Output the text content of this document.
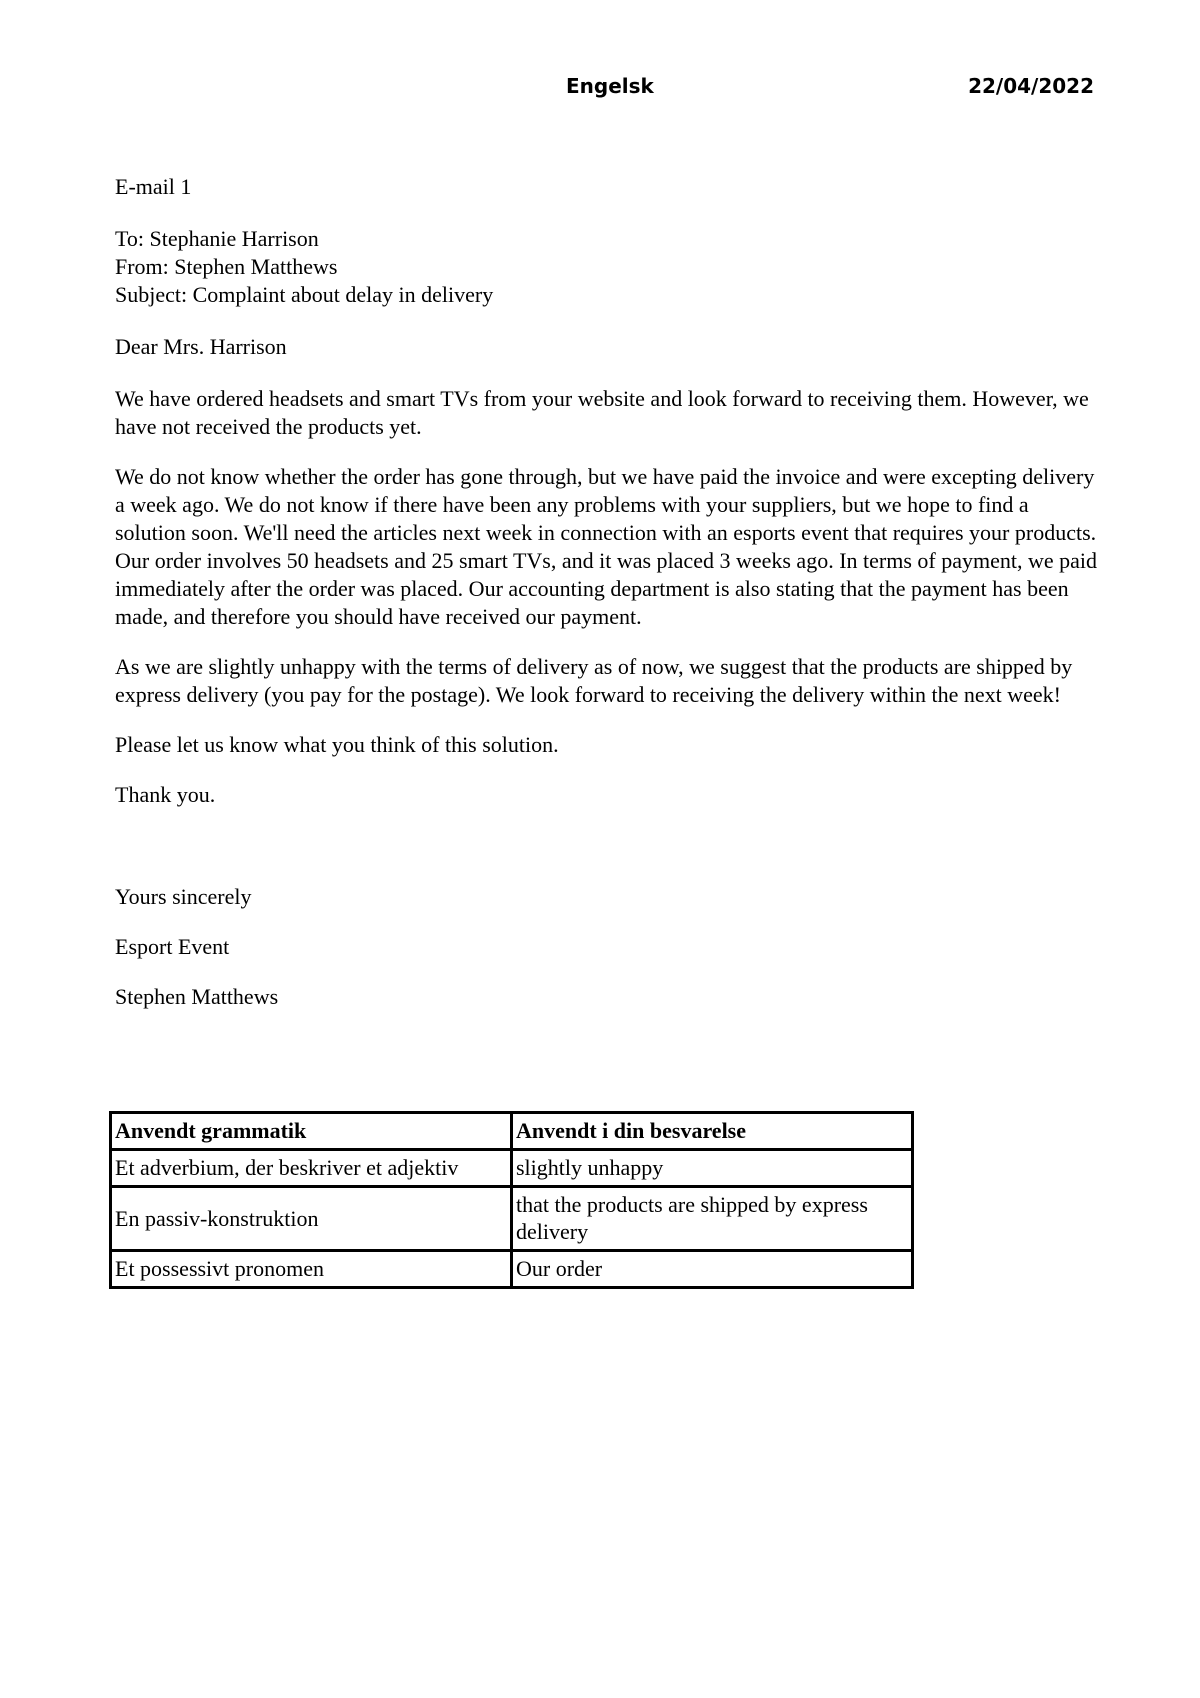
Engelsk	22/04/2022

E-mail 1

To: Stephanie Harrison

From: Stephen Matthews

Subject: Complaint about delay in delivery

Dear Mrs. Harrison

We have ordered headsets and smart TVs from your website and look forward to receiving them. However, we have not received the products yet.

We do not know whether the order has gone through, but we have paid the invoice and were excepting delivery a week ago. We do not know if there have been any problems with your suppliers, but we hope to find a solution soon. We'll need the articles next week in connection with an esports event that requires your products. Our order involves 50 headsets and 25 smart TVs, and it was placed 3 weeks ago. In terms of payment, we paid immediately after the order was placed. Our accounting department is also stating that the payment has been made, and therefore you should have received our payment.

As we are slightly unhappy with the terms of delivery as of now, we suggest that the products are shipped by express delivery (you pay for the postage). We look forward to receiving the delivery within the next week!

Please let us know what you think of this solution.

Thank you.

Yours sincerely

Esport Event

Stephen Matthews

Anvendt grammatik	Anvendt i din besvarelse
Et adverbium, der beskriver et adjektiv	slightly unhappy
En passiv-konstruktion	that the products are shipped by express delivery
Et possessivt pronomen	Our order
